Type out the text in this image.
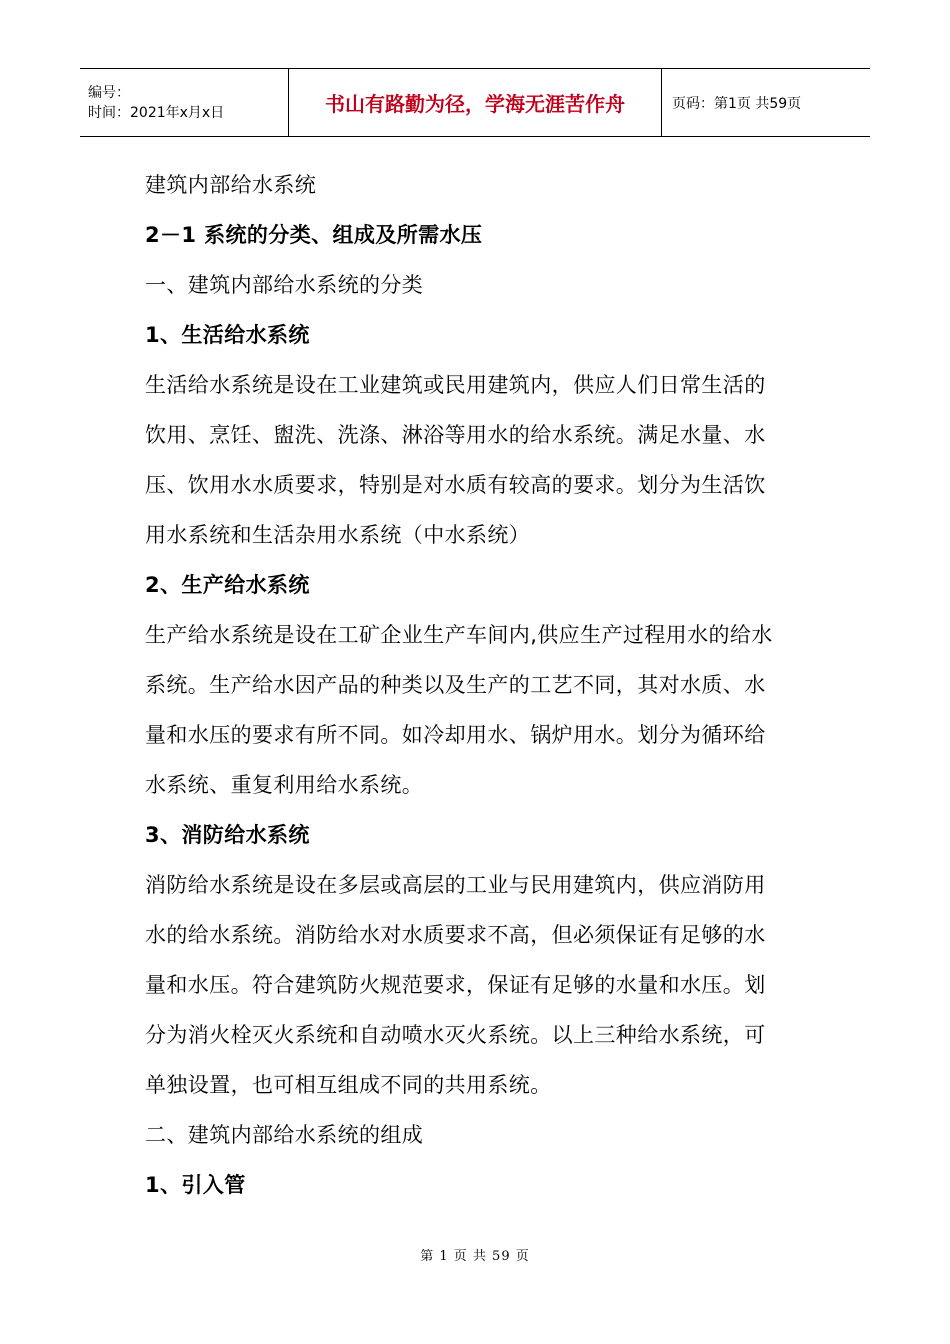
编号：
时间：2021年x月x日	书山有路勤为径，学海无涯苦作舟	页码：第1页 共59页
建筑内部给水系统
2－1 系统的分类、组成及所需水压
一、建筑内部给水系统的分类
1、生活给水系统
生活给水系统是设在工业建筑或民用建筑内，供应人们日常生活的
饮用、烹饪、盥洗、洗涤、淋浴等用水的给水系统。满足水量、水
压、饮用水水质要求，特别是对水质有较高的要求。划分为生活饮
用水系统和生活杂用水系统（中水系统）
2、生产给水系统
生产给水系统是设在工矿企业生产车间内,供应生产过程用水的给水
系统。生产给水因产品的种类以及生产的工艺不同，其对水质、水
量和水压的要求有所不同。如冷却用水、锅炉用水。划分为循环给
水系统、重复利用给水系统。
3、消防给水系统
消防给水系统是设在多层或高层的工业与民用建筑内，供应消防用
水的给水系统。消防给水对水质要求不高，但必须保证有足够的水
量和水压。符合建筑防火规范要求，保证有足够的水量和水压。划
分为消火栓灭火系统和自动喷水灭火系统。以上三种给水系统，可
单独设置，也可相互组成不同的共用系统。
二、建筑内部给水系统的组成
1、引入管
第 1 页 共 59 页
